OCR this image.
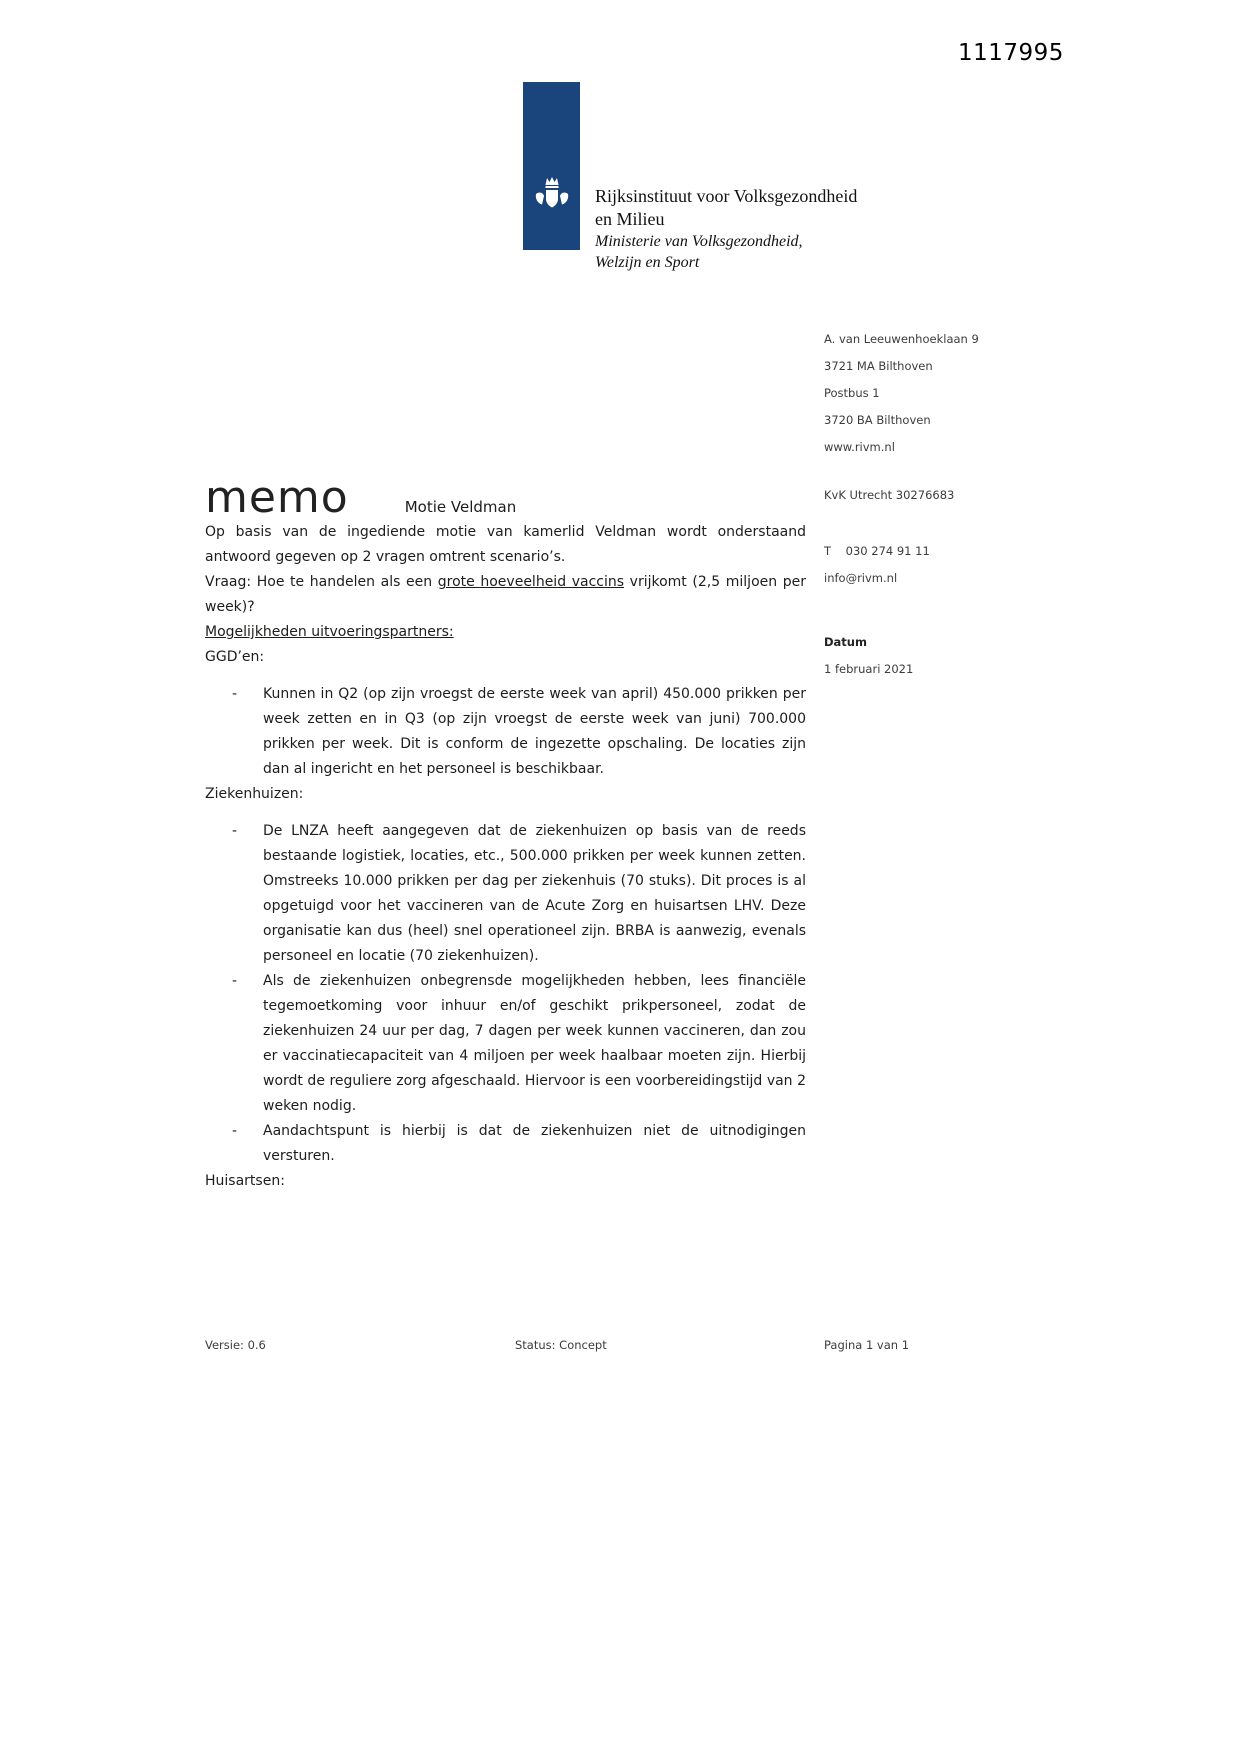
1117995
Rijksinstituut voor Volksgezondheid
en Milieu
Ministerie van Volksgezondheid,
Welzijn en Sport
A. van Leeuwenhoeklaan 9
3721 MA Bilthoven
Postbus 1
3720 BA Bilthoven
www.rivm.nl
KvK Utrecht 30276683
T    030 274 91 11
info@rivm.nl
Datum
1 februari 2021
memo	Motie Veldman

Op basis van de ingediende motie van kamerlid Veldman wordt onderstaand antwoord gegeven op 2 vragen omtrent scenario’s.

Vraag: Hoe te handelen als een grote hoeveelheid vaccins vrijkomt (2,5 miljoen per week)?

Mogelijkheden uitvoeringspartners:

GGD’en:

-	Kunnen in Q2 (op zijn vroegst de eerste week van april) 450.000 prikken per week zetten en in Q3 (op zijn vroegst de eerste week van juni) 700.000 prikken per week. Dit is conform de ingezette opschaling. De locaties zijn dan al ingericht en het personeel is beschikbaar.

Ziekenhuizen:

-	De LNZA heeft aangegeven dat de ziekenhuizen op basis van de reeds bestaande logistiek, locaties, etc., 500.000 prikken per week kunnen zetten. Omstreeks 10.000 prikken per dag per ziekenhuis (70 stuks). Dit proces is al opgetuigd voor het vaccineren van de Acute Zorg en huisartsen LHV. Deze organisatie kan dus (heel) snel operationeel zijn. BRBA is aanwezig, evenals personeel en locatie (70 ziekenhuizen).
-	Als de ziekenhuizen onbegrensde mogelijkheden hebben, lees financiële tegemoetkoming voor inhuur en/of geschikt prikpersoneel, zodat de ziekenhuizen 24 uur per dag, 7 dagen per week kunnen vaccineren, dan zou er vaccinatiecapaciteit van 4 miljoen per week haalbaar moeten zijn. Hierbij wordt de reguliere zorg afgeschaald. Hiervoor is een voorbereidingstijd van 2 weken nodig.
-	Aandachtspunt is hierbij is dat de ziekenhuizen niet de uitnodigingen versturen.

Huisartsen:

Versie: 0.6	Status: Concept	Pagina 1 van 1
